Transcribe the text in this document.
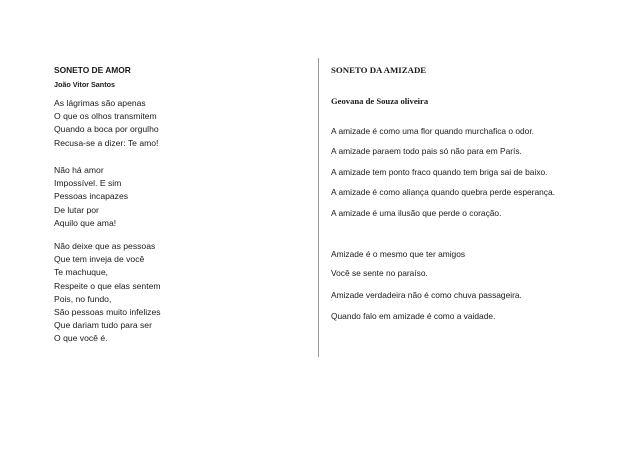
SONETO DE AMOR
João Vitor Santos
As lágrimas são apenas
O que os olhos transmitem
Quando a boca por orgulho
Recusa-se a dizer: Te amo!
Não há amor
Impossível. E sim
Pessoas incapazes
De lutar por
Aquilo que ama!
Não deixe que as pessoas
Que tem inveja de você
Te machuque,
Respeite o que elas sentem
Pois, no fundo,
São pessoas muito infelizes
Que dariam tudo para ser
O que você é.
SONETO DA AMIZADE
Geovana de Souza oliveira
A amizade é como uma flor quando murchafica o odor.
A amizade paraem todo pais só não para em París.
A amizade tem ponto fraco quando tem briga sai de baixo.
A amizade é como aliança quando quebra perde esperança.
A amizade é uma ilusão que perde o coração.
Amizade é o mesmo que ter amigos
Você se sente no paraíso.
Amizade verdadeira não é como chuva passageira.
Quando falo em amizade é como a vaidade.
